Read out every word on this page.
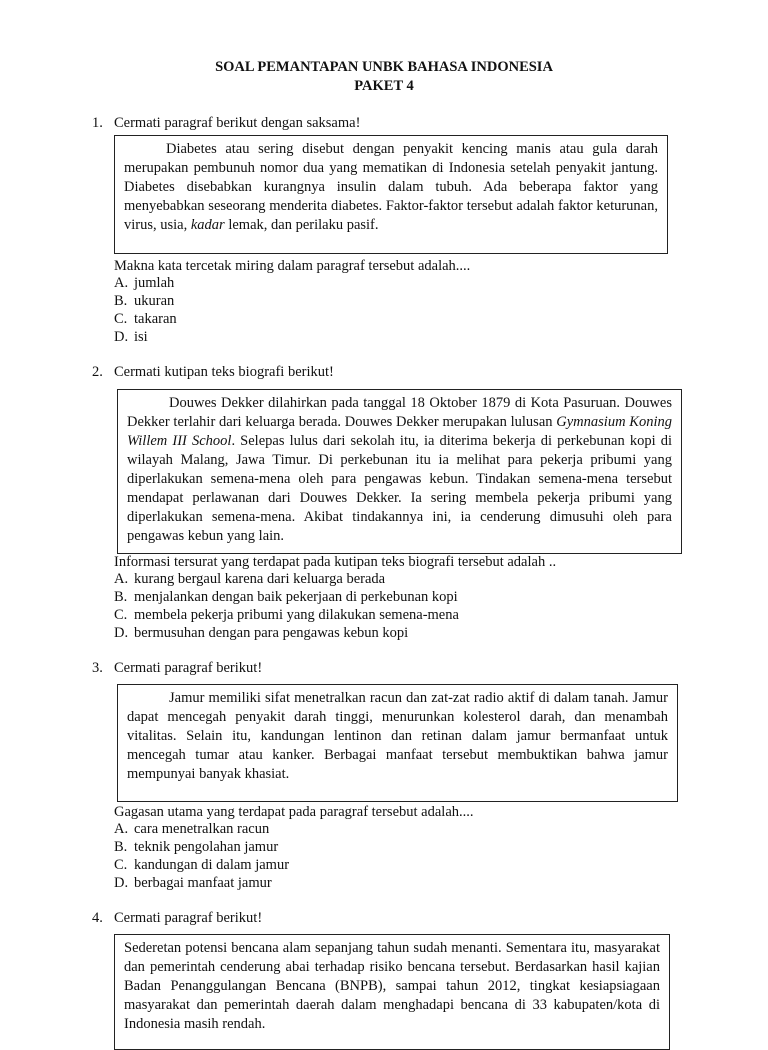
SOAL PEMANTAPAN UNBK BAHASA INDONESIA
PAKET 4
1. Cermati paragraf berikut dengan saksama!

Diabetes atau sering disebut dengan penyakit kencing manis atau gula darah merupakan pembunuh nomor dua yang mematikan di Indonesia setelah penyakit jantung. Diabetes disebabkan kurangnya insulin dalam tubuh. Ada beberapa faktor yang menyebabkan seseorang menderita diabetes. Faktor-faktor tersebut adalah faktor keturunan, virus, usia, kadar lemak, dan perilaku pasif.

Makna kata tercetak miring dalam paragraf tersebut adalah....
A. jumlah
B. ukuran
C. takaran
D. isi
2. Cermati kutipan teks biografi berikut!

Douwes Dekker dilahirkan pada tanggal 18 Oktober 1879 di Kota Pasuruan. Douwes Dekker terlahir dari keluarga berada. Douwes Dekker merupakan lulusan Gymnasium Koning Willem III School. Selepas lulus dari sekolah itu, ia diterima bekerja di perkebunan kopi di wilayah Malang, Jawa Timur. Di perkebunan itu ia melihat para pekerja pribumi yang diperlakukan semena-mena oleh para pengawas kebun. Tindakan semena-mena tersebut mendapat perlawanan dari Douwes Dekker. Ia sering membela pekerja pribumi yang diperlakukan semena-mena. Akibat tindakannya ini, ia cenderung dimusuhi oleh para pengawas kebun yang lain.

Informasi tersurat yang terdapat pada kutipan teks biografi tersebut adalah ..
A. kurang bergaul karena dari keluarga berada
B. menjalankan dengan baik pekerjaan di perkebunan kopi
C. membela pekerja pribumi yang dilakukan semena-mena
D. bermusuhan dengan para pengawas kebun kopi
3. Cermati paragraf berikut!

Jamur memiliki sifat menetralkan racun dan zat-zat radio aktif di dalam tanah. Jamur dapat mencegah penyakit darah tinggi, menurunkan kolesterol darah, dan menambah vitalitas. Selain itu, kandungan lentinon dan retinan dalam jamur bermanfaat untuk mencegah tumar atau kanker. Berbagai manfaat tersebut membuktikan bahwa jamur mempunyai banyak khasiat.

Gagasan utama yang terdapat pada paragraf tersebut adalah....
A. cara menetralkan racun
B. teknik pengolahan jamur
C. kandungan di dalam jamur
D. berbagai manfaat jamur
4. Cermati paragraf berikut!

Sederetan potensi bencana alam sepanjang tahun sudah menanti. Sementara itu, masyarakat dan pemerintah cenderung abai terhadap risiko bencana tersebut. Berdasarkan hasil kajian Badan Penanggulangan Bencana (BNPB), sampai tahun 2012, tingkat kesiapsiagaan masyarakat dan pemerintah daerah dalam menghadapi bencana di 33 kabupaten/kota di Indonesia masih rendah.
